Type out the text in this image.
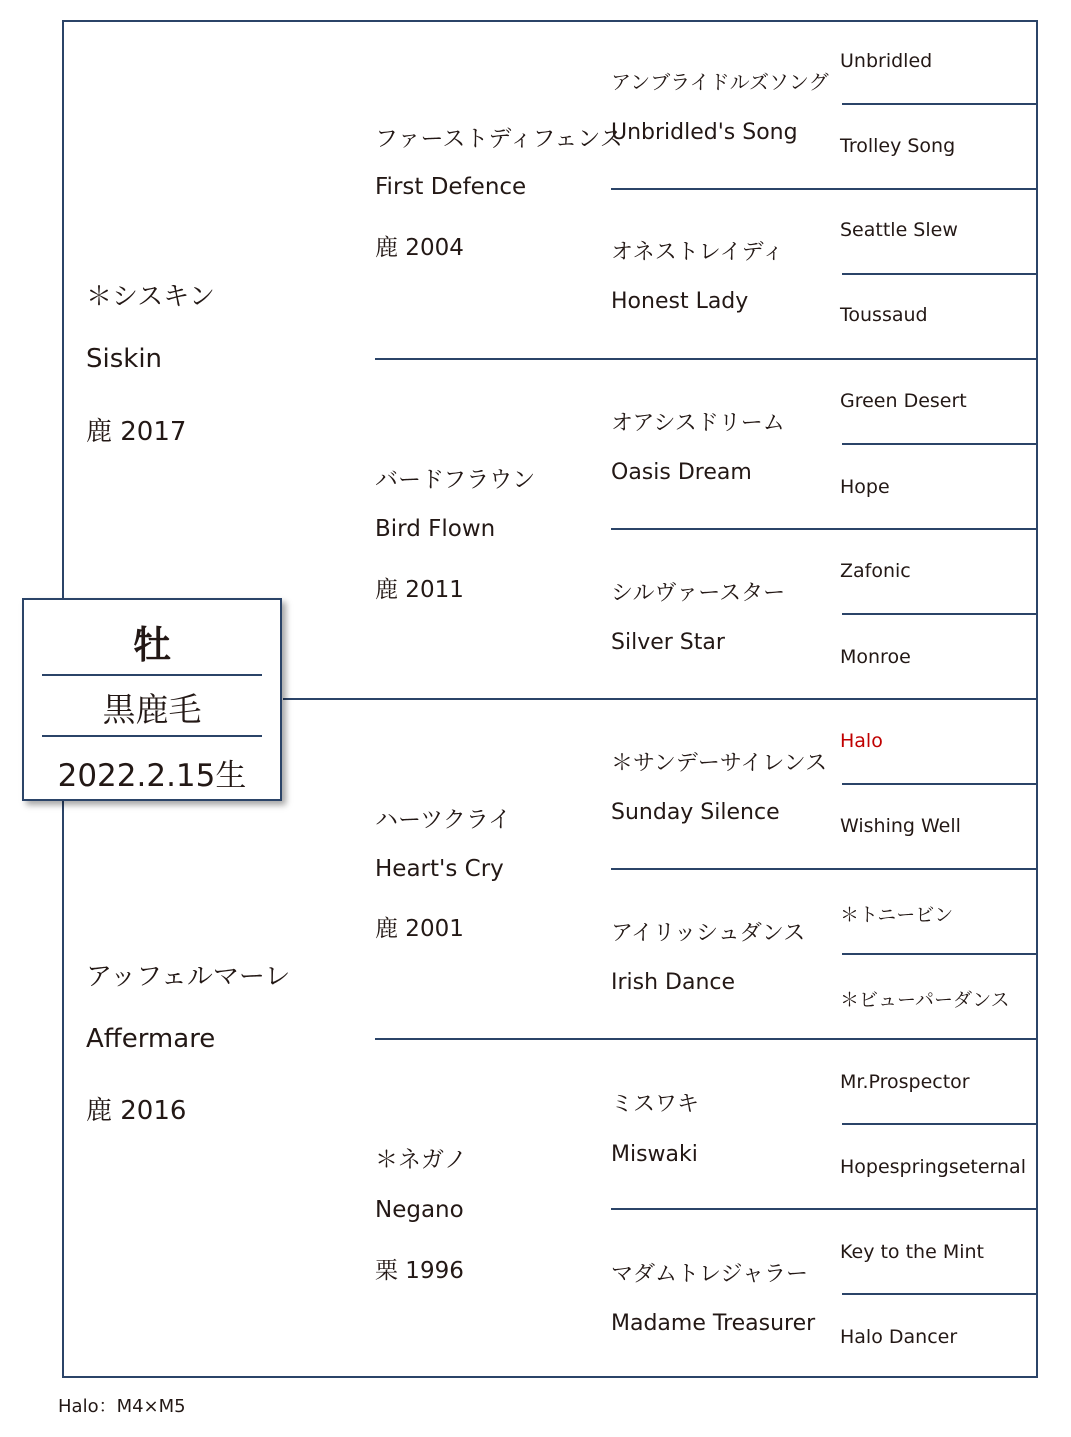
＊シスキン
Siskin
鹿 2017
アッフェルマーレ
Affermare
鹿 2016
ファーストディフェンス
First Defence
鹿 2004
バードフラウン
Bird Flown
鹿 2011
ハーツクライ
Heart's Cry
鹿 2001
＊ネガノ
Negano
栗 1996
アンブライドルズソング
Unbridled's Song
オネストレイディ
Honest Lady
オアシスドリーム
Oasis Dream
シルヴァースター
Silver Star
＊サンデーサイレンス
Sunday Silence
アイリッシュダンス
Irish Dance
ミスワキ
Miswaki
マダムトレジャラー
Madame Treasurer
Unbridled
Trolley Song
Seattle Slew
Toussaud
Green Desert
Hope
Zafonic
Monroe
Halo
Wishing Well
＊トニービン
＊ビューパーダンス
Mr.Prospector
Hopespringseternal
Key to the Mint
Halo Dancer
牡
黒鹿毛
2022.2.15生
Halo：M4×M5
